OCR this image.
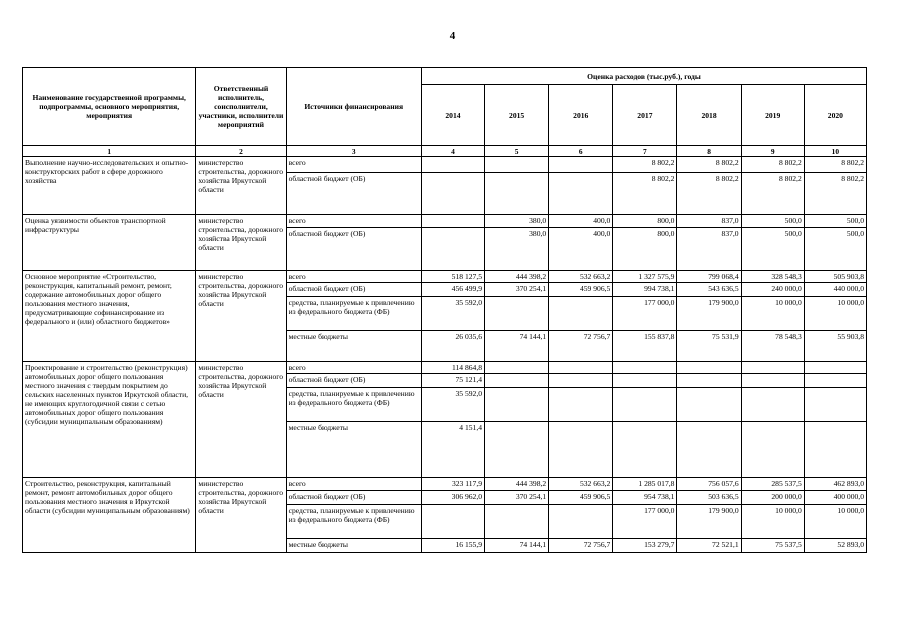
4
Наименование государственной программы, подпрограммы, основного мероприятия, мероприятия	Ответственный исполнитель, соисполнители, участники, исполнители мероприятий	Источники финансирования	Оценка расходов (тыс.руб.), годы						
			2014	2015	2016	2017	2018	2019	2020
1	2	3	4	5	6	7	8	9	10
Выполнение научно-исследовательских и опытно-конструкторских работ в сфере дорожного хозяйства	министерство строительства, дорожного хозяйства Иркутской области	всего				8 802,2	8 802,2	8 802,2	8 802,2
		областной бюджет (ОБ)				8 802,2	8 802,2	8 802,2	8 802,2
Оценка уязвимости объектов транспортной инфраструктуры	министерство строительства, дорожного хозяйства Иркутской области	всего		380,0	400,0	800,0	837,0	500,0	500,0
		областной бюджет (ОБ)		380,0	400,0	800,0	837,0	500,0	500,0
Основное мероприятие «Строительство, реконструкция, капитальный ремонт, ремонт, содержание автомобильных дорог общего пользования местного значения, предусматривающие софинансирование из федерального и (или) областного бюджетов»	министерство строительства, дорожного хозяйства Иркутской области	всего	518 127,5	444 398,2	532 663,2	1 327 575,9	799 068,4	328 548,3	505 903,8
		областной бюджет (ОБ)	456 499,9	370 254,1	459 906,5	994 738,1	543 636,5	240 000,0	440 000,0
		средства, планируемые к привлечению из федерального бюджета (ФБ)	35 592,0			177 000,0	179 900,0	10 000,0	10 000,0
		местные бюджеты	26 035,6	74 144,1	72 756,7	155 837,8	75 531,9	78 548,3	55 903,8
Проектирование и строительство (реконструкция) автомобильных дорог общего пользования местного значения с твердым покрытием до сельских населенных пунктов Иркутской области, не имеющих круглогодичной связи с сетью автомобильных дорог общего пользования (субсидии муниципальным образованиям)	министерство строительства, дорожного хозяйства Иркутской области	всего	114 864,8						
		областной бюджет (ОБ)	75 121,4						
		средства, планируемые к привлечению из федерального бюджета (ФБ)	35 592,0						
		местные бюджеты	4 151,4						
Строительство, реконструкция, капитальный ремонт, ремонт автомобильных дорог общего пользования местного значения в Иркутской области (субсидии муниципальным образованиям)	министерство строительства, дорожного хозяйства Иркутской области	всего	323 117,9	444 398,2	532 663,2	1 285 017,8	756 057,6	285 537,5	462 893,0
		областной бюджет (ОБ)	306 962,0	370 254,1	459 906,5	954 738,1	503 636,5	200 000,0	400 000,0
		средства, планируемые к привлечению из федерального бюджета (ФБ)				177 000,0	179 900,0	10 000,0	10 000,0
		местные бюджеты	16 155,9	74 144,1	72 756,7	153 279,7	72 521,1	75 537,5	52 893,0
